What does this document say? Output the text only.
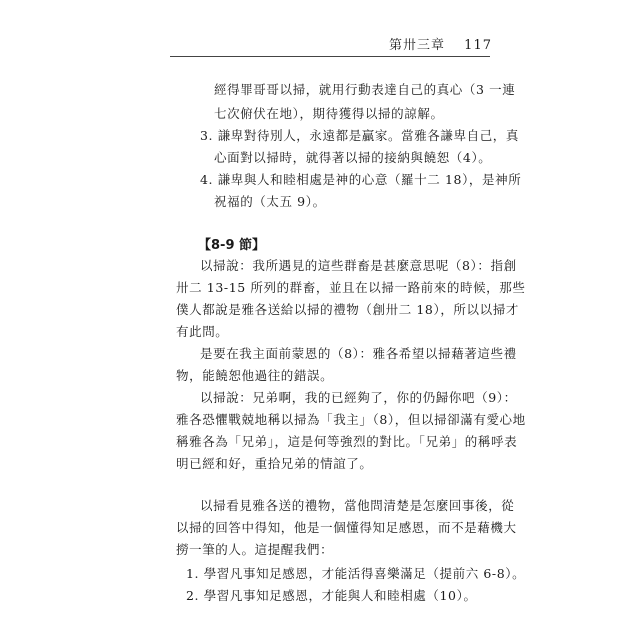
第卅三章 117
經得罪哥哥以掃，就用行動表達自己的真心（3 一連
七次俯伏在地），期待獲得以掃的諒解。
3. 謙卑對待別人，永遠都是贏家。當雅各謙卑自己，真
心面對以掃時，就得著以掃的接納與饒恕（4）。
4. 謙卑與人和睦相處是神的心意（羅十二 18），是神所
祝福的（太五 9）。
【8-9 節】
以掃說：我所遇見的這些群畜是甚麼意思呢（8）：指創
卅二 13-15 所列的群畜，並且在以掃一路前來的時候，那些
僕人都說是雅各送給以掃的禮物（創卅二 18），所以以掃才
有此問。
是要在我主面前蒙恩的（8）：雅各希望以掃藉著這些禮
物，能饒恕他過往的錯誤。
以掃說：兄弟啊，我的已經夠了，你的仍歸你吧（9）：
雅各恐懼戰兢地稱以掃為「我主」（8），但以掃卻滿有愛心地
稱雅各為「兄弟」，這是何等強烈的對比。「兄弟」的稱呼表
明已經和好，重拾兄弟的情誼了。
以掃看見雅各送的禮物，當他問清楚是怎麼回事後，從
以掃的回答中得知，他是一個懂得知足感恩，而不是藉機大
撈一筆的人。這提醒我們：
1. 學習凡事知足感恩，才能活得喜樂滿足（提前六 6-8）。
2. 學習凡事知足感恩，才能與人和睦相處（10）。
